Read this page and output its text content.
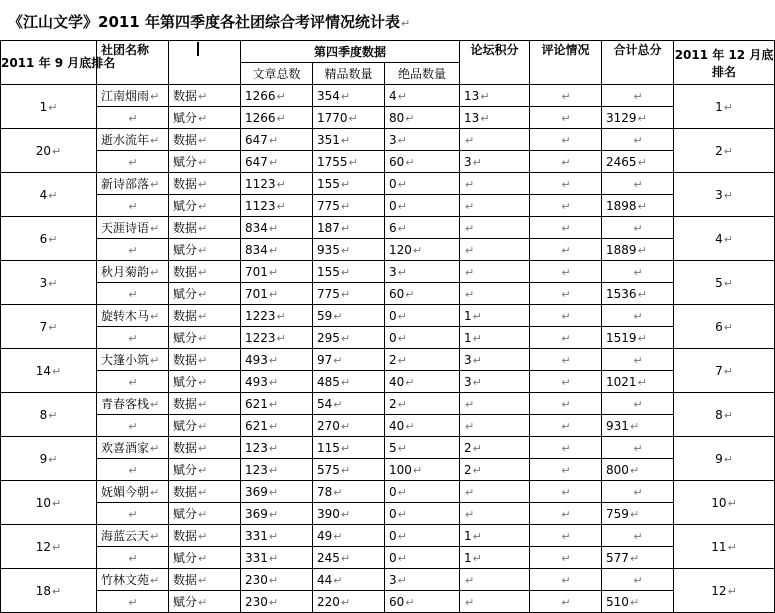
《江山文学》2011 年第四季度各社团综合考评情况统计表↵
2011 年 9 月底排名	社团名称		第四季度数据			论坛积分	评论情况	合计总分	2011 年 12 月底排名
			文章总数	精品数量	绝品数量				
1↵	江南烟雨↵	数据↵	1266↵	354↵	4↵	13↵	↵	↵	1↵
	↵	赋分↵	1266↵	1770↵	80↵	13↵	↵	3129↵	
20↵	逝水流年↵	数据↵	647↵	351↵	3↵	↵	↵	↵	2↵
	↵	赋分↵	647↵	1755↵	60↵	3↵	↵	2465↵	
4↵	新诗部落↵	数据↵	1123↵	155↵	0↵	↵	↵	↵	3↵
	↵	赋分↵	1123↵	775↵	0↵	↵	↵	1898↵	
6↵	天涯诗语↵	数据↵	834↵	187↵	6↵	↵	↵	↵	4↵
	↵	赋分↵	834↵	935↵	120↵	↵	↵	1889↵	
3↵	秋月菊韵↵	数据↵	701↵	155↵	3↵	↵	↵	↵	5↵
	↵	赋分↵	701↵	775↵	60↵	↵	↵	1536↵	
7↵	旋转木马↵	数据↵	1223↵	59↵	0↵	1↵	↵	↵	6↵
	↵	赋分↵	1223↵	295↵	0↵	1↵	↵	1519↵	
14↵	大篷小筑↵	数据↵	493↵	97↵	2↵	3↵	↵	↵	7↵
	↵	赋分↵	493↵	485↵	40↵	3↵	↵	1021↵	
8↵	青春客栈↵	数据↵	621↵	54↵	2↵	↵	↵	↵	8↵
	↵	赋分↵	621↵	270↵	40↵	↵	↵	931↵	
9↵	欢喜酒家↵	数据↵	123↵	115↵	5↵	2↵	↵	↵	9↵
	↵	赋分↵	123↵	575↵	100↵	2↵	↵	800↵	
10↵	妩媚今朝↵	数据↵	369↵	78↵	0↵	↵	↵	↵	10↵
	↵	赋分↵	369↵	390↵	0↵	↵	↵	759↵	
12↵	海蓝云天↵	数据↵	331↵	49↵	0↵	1↵	↵	↵	11↵
	↵	赋分↵	331↵	245↵	0↵	1↵	↵	577↵	
18↵	竹林文苑↵	数据↵	230↵	44↵	3↵	↵	↵	↵	12↵
	↵	赋分↵	230↵	220↵	60↵	↵	↵	510↵	
